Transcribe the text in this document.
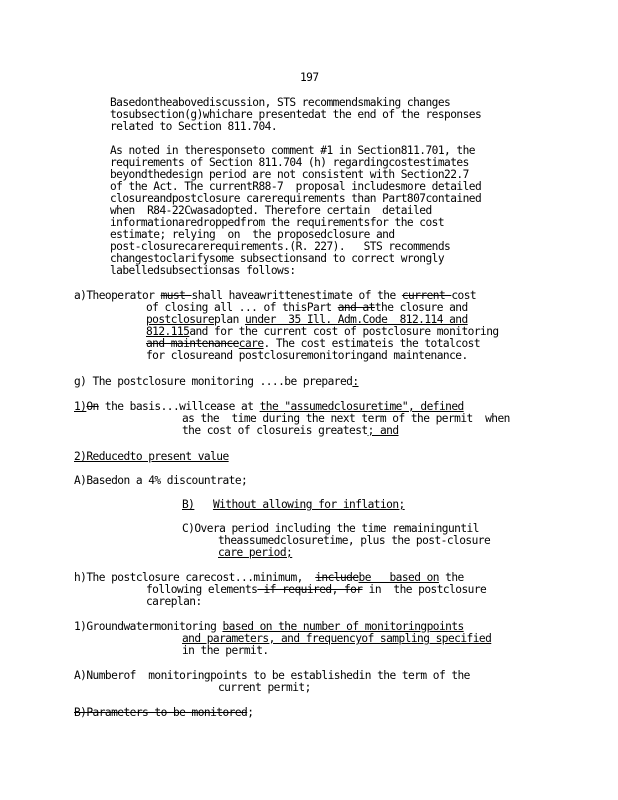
197
Basedontheabovediscussion, STS recommendsmaking changes
tosubsection(g)whichare presentedat the end of the responses
related to Section 811.704.
As noted in theresponseto comment #1 in Section811.701, the
requirements of Section 811.704 (h) regardingcostestimates
beyondthedesign period are not consistent with Section22.7
of the Act. The currentR88-7  proposal includesmore detailed
closureandpostclosure carerequirements than Part807contained
when  R84-22Cwasadopted. Therefore certain  detailed
informationaredroppedfrom the requirementsfor the cost
estimate; relying  on  the proposedclosure and
post-closurecarerequirements.(R. 227).   STS recommends
changestoclarifysome subsectionsand to correct wrongly
labelledsubsectionsas follows:
a)Theoperator must shall haveawrittenestimate of the current cost
of closing all ... of thisPart and atthe closure and
postclosureplan under  35 Ill. Adm.Code  812.114 and
812.115and for the current cost of postclosure monitoring
and maintenancecare. The cost estimateis the totalcost
for closureand postclosuremonitoringand maintenance.
g) The postclosure monitoring ....be prepared:
1)On the basis...willcease at the "assumedclosuretime", defined
as the  time during the next term of the permit  when
the cost of closureis greatest; and
2)Reducedto present value
A)Basedon a 4% discountrate;
B) Without allowing for inflation;
C)Overa period including the time remaininguntil
theassumedclosuretime, plus the post-closure
care period;
h)The postclosure carecost...minimum,  includebe   based on the
following elements if required, for in  the postclosure
careplan:
1)Groundwatermonitoring based on the number of monitoringpoints
and parameters, and frequencyof sampling specified
in the permit.
A)Numberof  monitoringpoints to be establishedin the term of the
current permit;
B)Parameters to be monitored;
